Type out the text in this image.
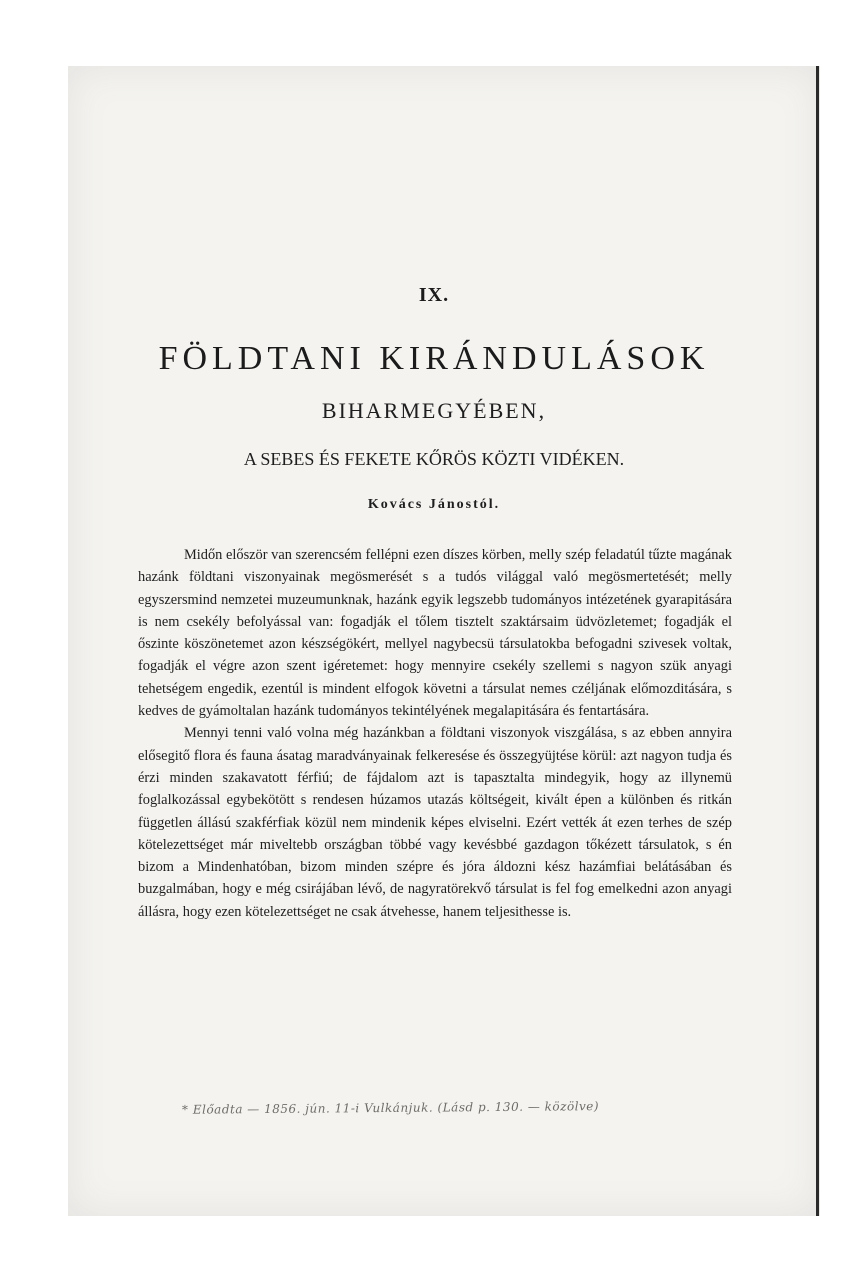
IX.
FÖLDTANI KIRÁNDULÁSOK
BIHARMEGYÉBEN,
A SEBES ÉS FEKETE KŐRÖS KÖZTI VIDÉKEN.
Kovács Jánostól.

Midőn először van szerencsém fellépni ezen díszes körben, melly szép feladatúl tűzte magának hazánk földtani viszonyainak megösmerését s a tudós világgal való megösmertetését; melly egyszersmind nemzetei muzeumunknak, hazánk egyik legszebb tudományos intézetének gyarapitására is nem csekély befolyással van: fogadják el tőlem tisztelt szaktársaim üdvözletemet; fogadják el őszinte köszönetemet azon készségökért, mellyel nagybecsü társulatokba befogadni szivesek voltak, fogadják el végre azon szent igéretemet: hogy mennyire csekély szellemi s nagyon szük anyagi tehetségem engedik, ezentúl is mindent elfogok követni a társulat nemes czéljának előmozditására, s kedves de gyámoltalan hazánk tudományos tekintélyének megalapitására és fentartására.

Mennyi tenni való volna még hazánkban a földtani viszonyok viszgálása, s az ebben annyira elősegitő flora és fauna ásatag maradványainak felkeresése és összegyüjtése körül: azt nagyon tudja és érzi minden szakavatott férfiú; de fájdalom azt is tapasztalta mindegyik, hogy az illynemü foglalkozással egybekötött s rendesen húzamos utazás költségeit, kivált épen a különben és ritkán független állású szakférfiak közül nem mindenik képes elviselni. Ezért vették át ezen terhes de szép kötelezettséget már miveltebb országban többé vagy kevésbbé gazdagon tőkézett társulatok, s én bizom a Mindenhatóban, bizom minden szépre és jóra áldozni kész hazámfiai belátásában és buzgalmában, hogy e még csirájában lévő, de nagyratörekvő társulat is fel fog emelkedni azon anyagi állásra, hogy ezen kötelezettséget ne csak átvehesse, hanem teljesithesse is.

* Előadta — 1856. jún. 11-i Vulkánjuk. (Lásd p. 130. — közölve)
